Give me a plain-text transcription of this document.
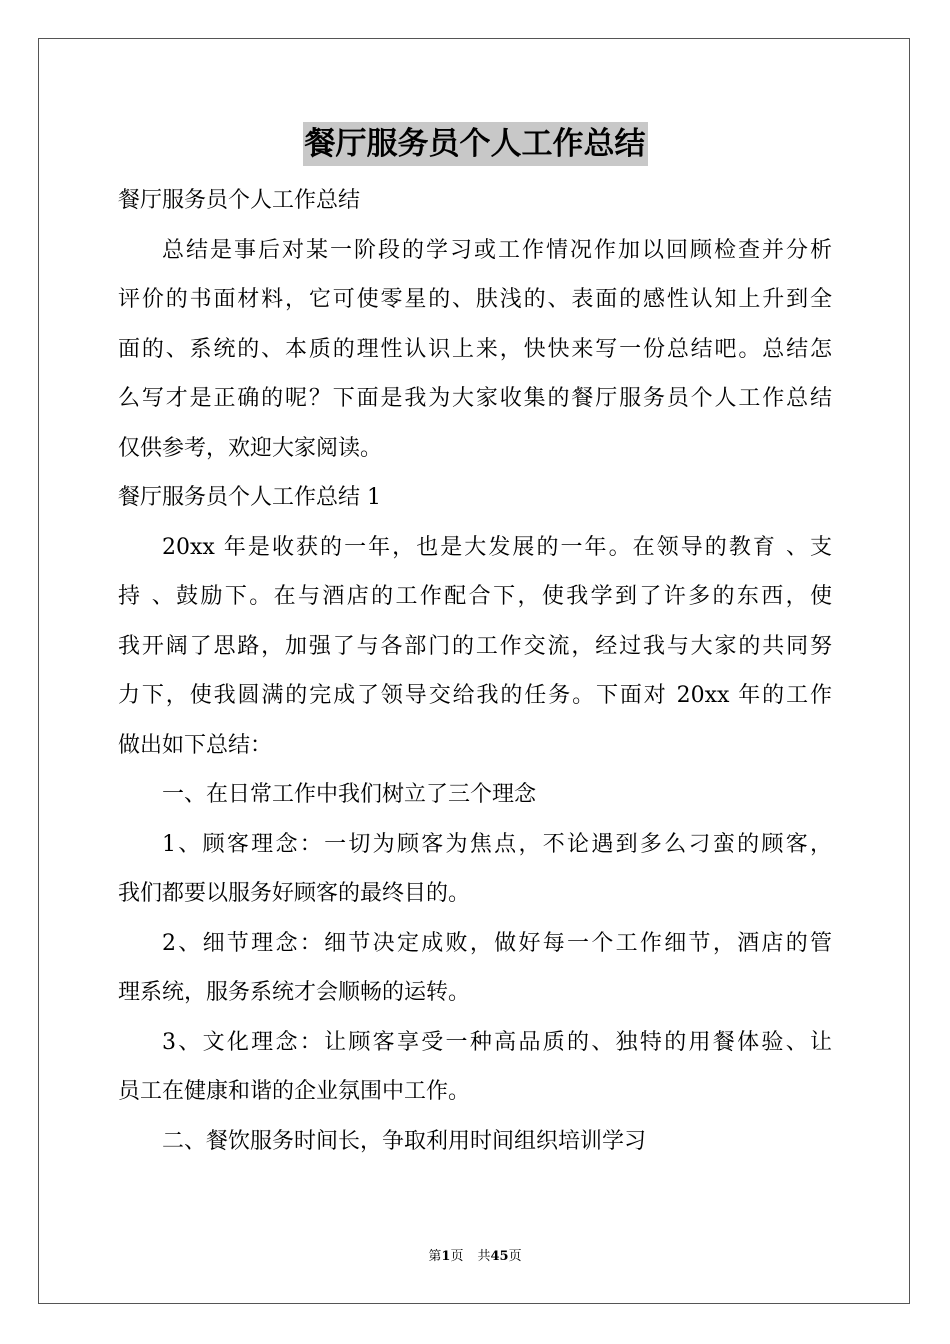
餐厅服务员个人工作总结
餐厅服务员个人工作总结
总结是事后对某一阶段的学习或工作情况作加以回顾检查并分析
评价的书面材料，它可使零星的、肤浅的、表面的感性认知上升到全
面的、系统的、本质的理性认识上来，快快来写一份总结吧。总结怎
么写才是正确的呢？下面是我为大家收集的餐厅服务员个人工作总结
仅供参考，欢迎大家阅读。
餐厅服务员个人工作总结 1
20xx 年是收获的一年，也是大发展的一年。在领导的教育 、支
持 、鼓励下。在与酒店的工作配合下，使我学到了许多的东西，使
我开阔了思路，加强了与各部门的工作交流，经过我与大家的共同努
力下，使我圆满的完成了领导交给我的任务。下面对 20xx 年的工作
做出如下总结：
一、在日常工作中我们树立了三个理念
1、顾客理念：一切为顾客为焦点，不论遇到多么刁蛮的顾客，
我们都要以服务好顾客的最终目的。
2、细节理念：细节决定成败，做好每一个工作细节，酒店的管
理系统，服务系统才会顺畅的运转。
3、文化理念：让顾客享受一种高品质的、独特的用餐体验、让
员工在健康和谐的企业氛围中工作。
二、餐饮服务时间长，争取利用时间组织培训学习
第1页 共45页
